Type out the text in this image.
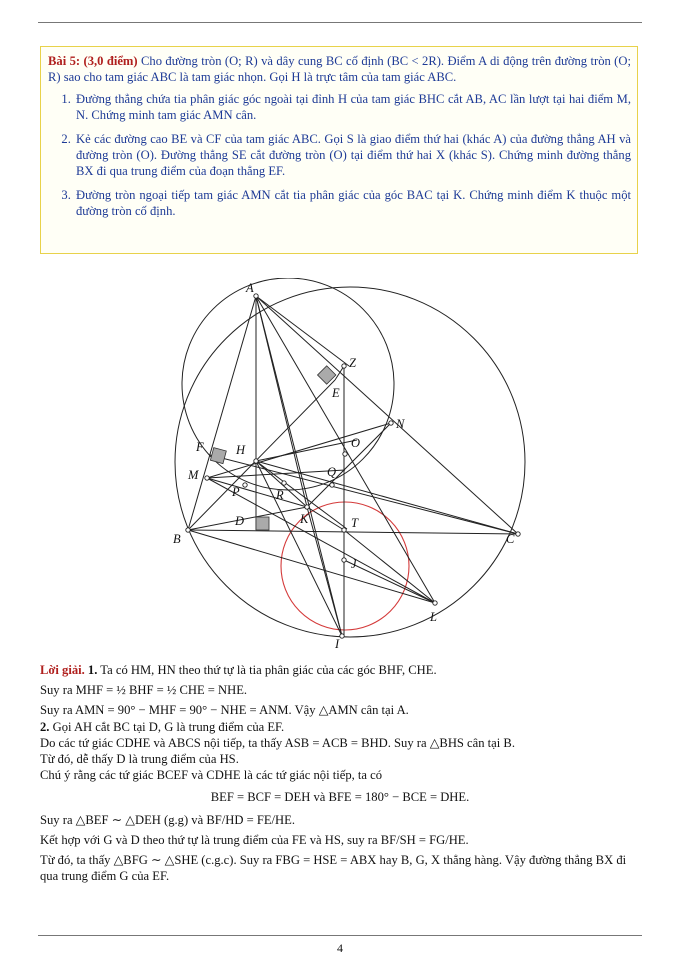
Bài 5: (3,0 điểm) Cho đường tròn (O; R) và dây cung BC cố định (BC < 2R). Điểm A di động trên đường tròn (O; R) sao cho tam giác ABC là tam giác nhọn. Gọi H là trực tâm của tam giác ABC.
1. Đường thẳng chứa tia phân giác góc ngoài tại đỉnh H của tam giác BHC cắt AB, AC lần lượt tại hai điểm M, N. Chứng minh tam giác AMN cân.
2. Kẻ các đường cao BE và CF của tam giác ABC. Gọi S là giao điểm thứ hai (khác A) của đường thẳng AH và đường tròn (O). Đường thẳng SE cắt đường tròn (O) tại điểm thứ hai X (khác S). Chứng minh đường thẳng BX đi qua trung điểm của đoạn thẳng EF.
3. Đường tròn ngoại tiếp tam giác AMN cắt tia phân giác của góc BAC tại K. Chứng minh điểm K thuộc một đường tròn cố định.
A
Z
E
N
F	H	O
M	Q
P	R
D	K	T
B	C
J
L
I

Lời giải. 1. Ta có HM, HN theo thứ tự là tia phân giác của các góc BHF, CHE.

Suy ra MHF = ½ BHF = ½ CHE = NHE.

Suy ra AMN = 90° − MHF = 90° − NHE = ANM. Vậy △AMN cân tại A.

2. Gọi AH cắt BC tại D, G là trung điểm của EF.

Do các tứ giác CDHE và ABCS nội tiếp, ta thấy ASB = ACB = BHD. Suy ra △BHS cân tại B.

Từ đó, dễ thấy D là trung điểm của HS.

Chú ý rằng các tứ giác BCEF và CDHE là các tứ giác nội tiếp, ta có

BEF = BCF = DEH và BFE = 180° − BCE = DHE.

Suy ra △BEF ∼ △DEH (g.g) và BF/HD = FE/HE.

Kết hợp với G và D theo thứ tự là trung điểm của FE và HS, suy ra BF/SH = FG/HE.

Từ đó, ta thấy △BFG ∼ △SHE (c.g.c). Suy ra FBG = HSE = ABX hay B, G, X thẳng hàng. Vậy đường thẳng BX đi qua trung điểm G của EF.

4
